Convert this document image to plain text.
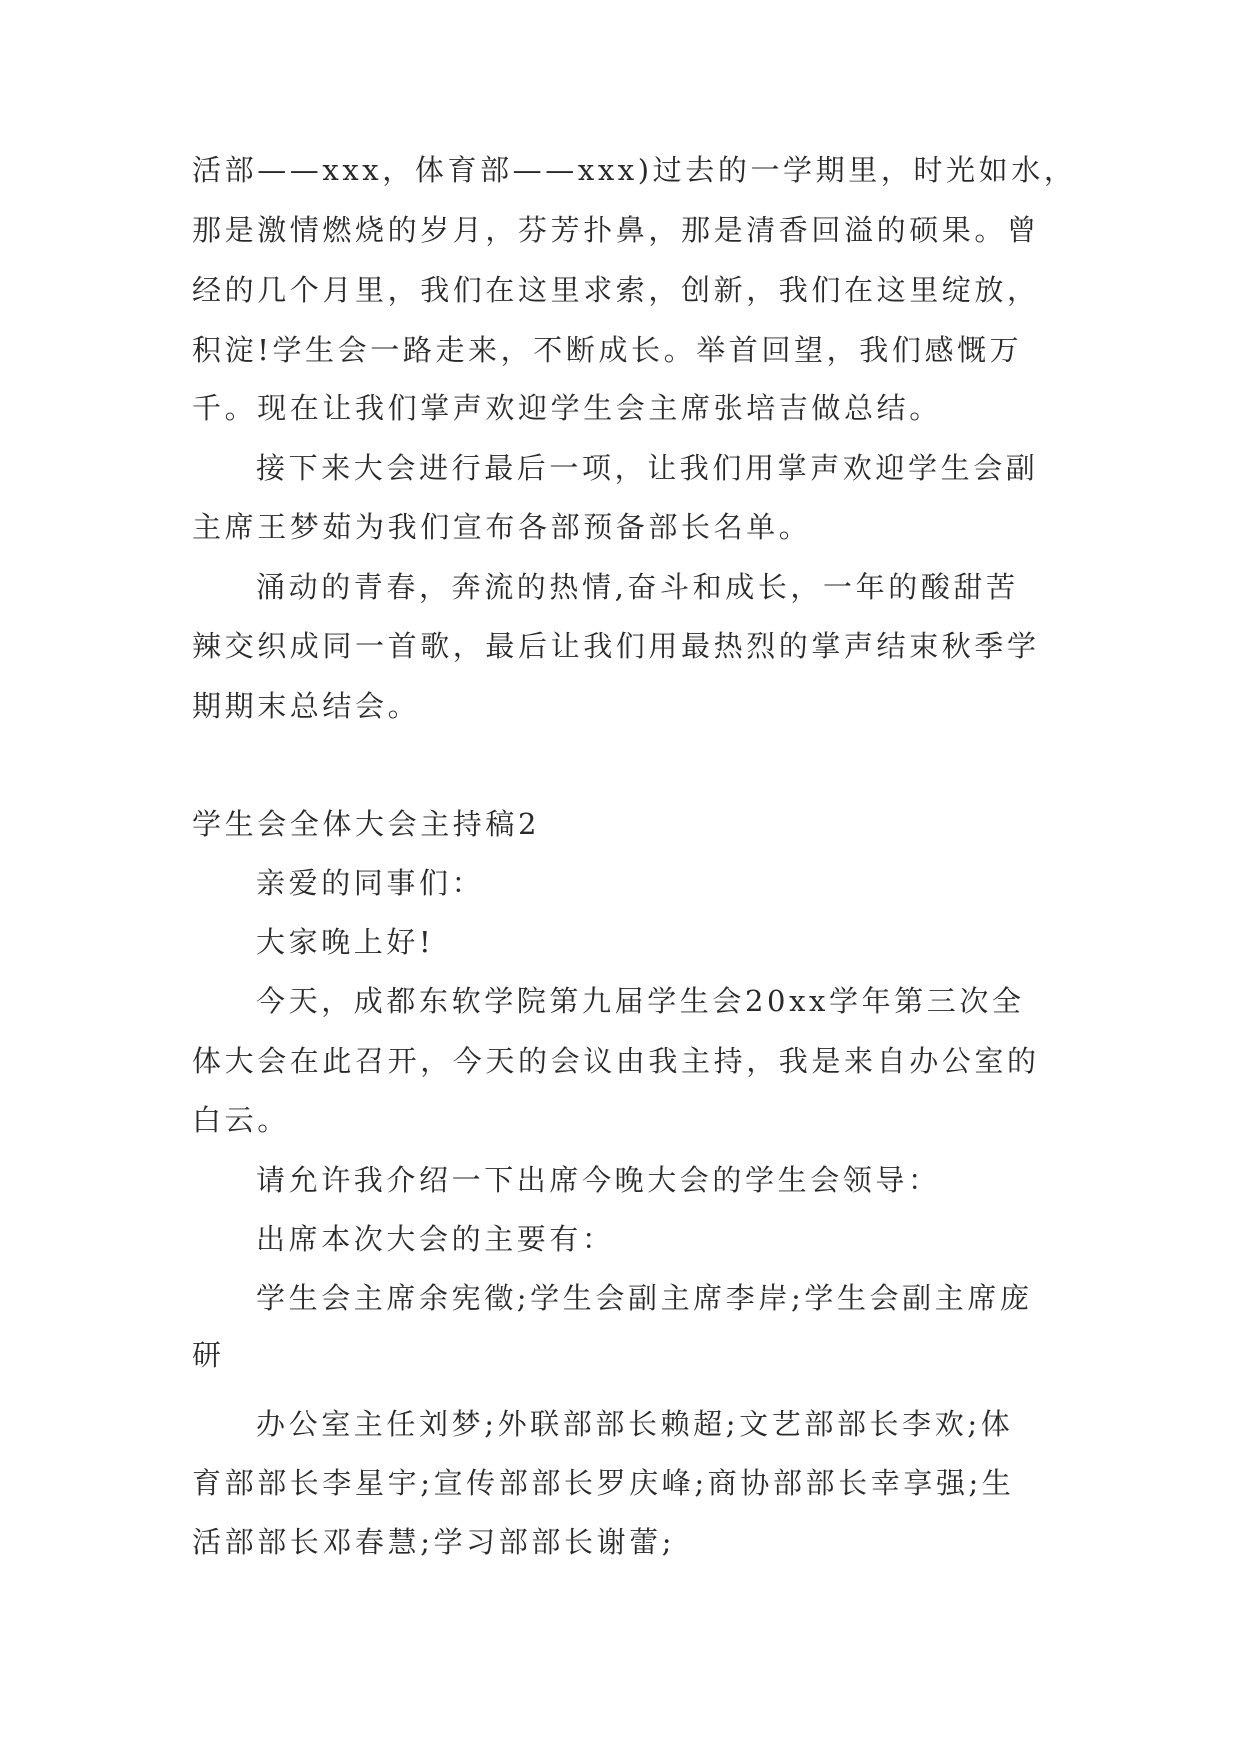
活部——xxx，体育部——xxx)过去的一学期里，时光如水，
那是激情燃烧的岁月，芬芳扑鼻，那是清香回溢的硕果。曾
经的几个月里，我们在这里求索，创新，我们在这里绽放，
积淀!学生会一路走来，不断成长。举首回望，我们感慨万
千。现在让我们掌声欢迎学生会主席张培吉做总结。
接下来大会进行最后一项，让我们用掌声欢迎学生会副
主席王梦茹为我们宣布各部预备部长名单。
涌动的青春，奔流的热情,奋斗和成长，一年的酸甜苦
辣交织成同一首歌，最后让我们用最热烈的掌声结束秋季学
期期末总结会。
学生会全体大会主持稿2
亲爱的同事们：
大家晚上好!
今天，成都东软学院第九届学生会20xx学年第三次全
体大会在此召开，今天的会议由我主持，我是来自办公室的
白云。
请允许我介绍一下出席今晚大会的学生会领导：
出席本次大会的主要有：
学生会主席余宪徵;学生会副主席李岸;学生会副主席庞
研
办公室主任刘梦;外联部部长赖超;文艺部部长李欢;体
育部部长李星宇;宣传部部长罗庆峰;商协部部长幸享强;生
活部部长邓春慧;学习部部长谢蕾;
